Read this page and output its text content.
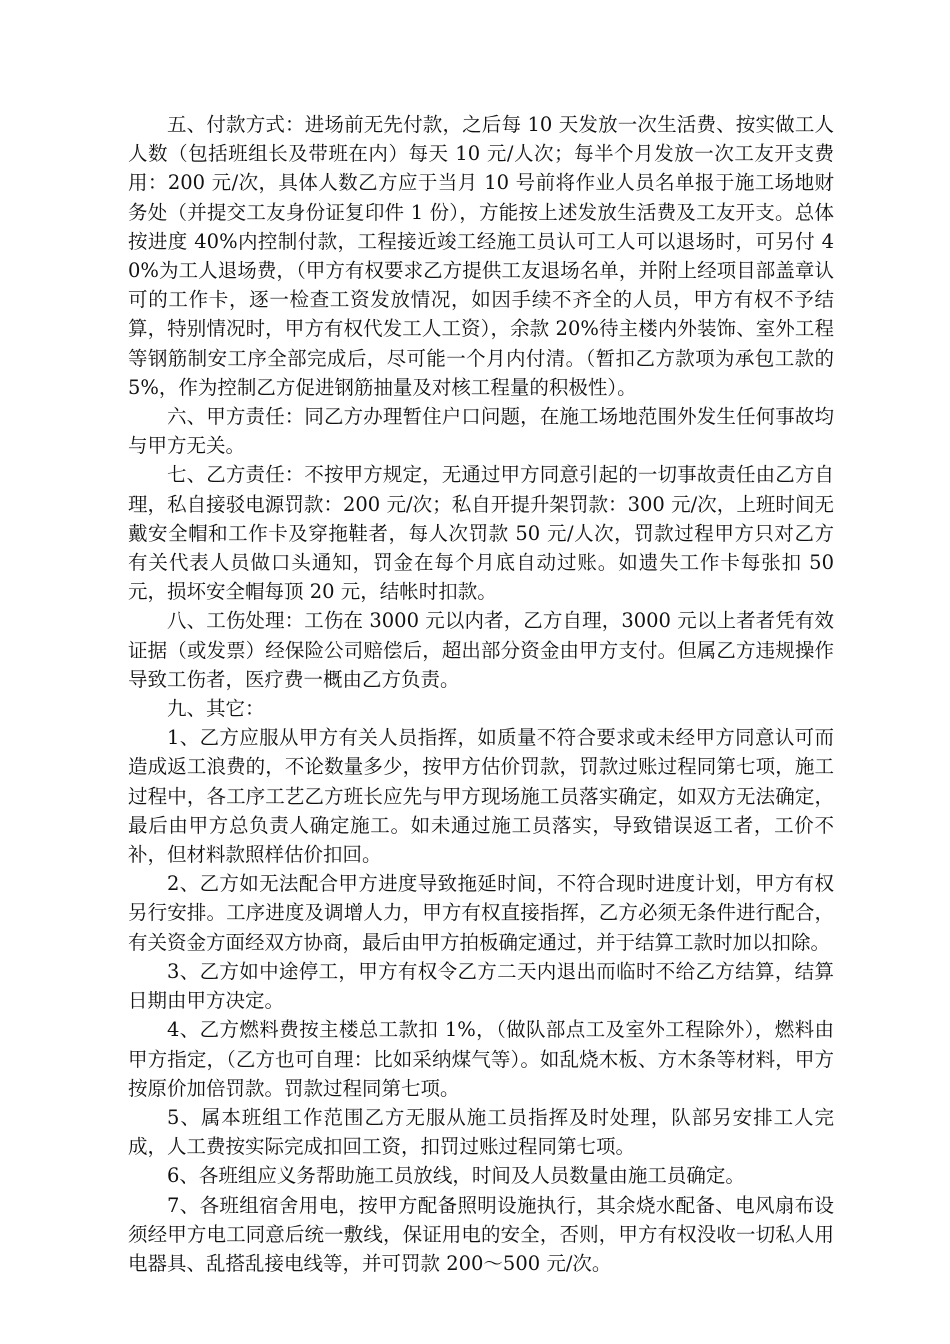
五、付款方式：进场前无先付款，之后每 10 天发放一次生活费、按实做工人人数（包括班组长及带班在内）每天 10 元/人次；每半个月发放一次工友开支费用：200 元/次，具体人数乙方应于当月 10 号前将作业人员名单报于施工场地财务处（并提交工友身份证复印件 1 份），方能按上述发放生活费及工友开支。总体按进度 40%内控制付款，工程接近竣工经施工员认可工人可以退场时，可另付 40%为工人退场费，（甲方有权要求乙方提供工友退场名单，并附上经项目部盖章认可的工作卡，逐一检查工资发放情况，如因手续不齐全的人员，甲方有权不予结算，特别情况时，甲方有权代发工人工资），余款 20%待主楼内外装饰、室外工程等钢筋制安工序全部完成后，尽可能一个月内付清。（暂扣乙方款项为承包工款的 5%，作为控制乙方促进钢筋抽量及对核工程量的积极性）。

六、甲方责任：同乙方办理暂住户口问题，在施工场地范围外发生任何事故均与甲方无关。

七、乙方责任：不按甲方规定，无通过甲方同意引起的一切事故责任由乙方自理，私自接驳电源罚款：200 元/次；私自开提升架罚款：300 元/次，上班时间无戴安全帽和工作卡及穿拖鞋者，每人次罚款 50 元/人次，罚款过程甲方只对乙方有关代表人员做口头通知，罚金在每个月底自动过账。如遗失工作卡每张扣 50 元，损坏安全帽每顶 20 元，结帐时扣款。

八、工伤处理：工伤在 3000 元以内者，乙方自理，3000 元以上者者凭有效证据（或发票）经保险公司赔偿后，超出部分资金由甲方支付。但属乙方违规操作导致工伤者，医疗费一概由乙方负责。

九、其它：

1、乙方应服从甲方有关人员指挥，如质量不符合要求或未经甲方同意认可而造成返工浪费的，不论数量多少，按甲方估价罚款，罚款过账过程同第七项，施工过程中，各工序工艺乙方班长应先与甲方现场施工员落实确定，如双方无法确定，最后由甲方总负责人确定施工。如未通过施工员落实，导致错误返工者，工价不补，但材料款照样估价扣回。

2、乙方如无法配合甲方进度导致拖延时间，不符合现时进度计划，甲方有权另行安排。工序进度及调增人力，甲方有权直接指挥，乙方必须无条件进行配合，有关资金方面经双方协商，最后由甲方拍板确定通过，并于结算工款时加以扣除。

3、乙方如中途停工，甲方有权令乙方二天内退出而临时不给乙方结算，结算日期由甲方决定。

4、乙方燃料费按主楼总工款扣 1%，（做队部点工及室外工程除外），燃料由甲方指定，（乙方也可自理：比如采纳煤气等）。如乱烧木板、方木条等材料，甲方按原价加倍罚款。罚款过程同第七项。

5、属本班组工作范围乙方无服从施工员指挥及时处理，队部另安排工人完成，人工费按实际完成扣回工资，扣罚过账过程同第七项。

6、各班组应义务帮助施工员放线，时间及人员数量由施工员确定。

7、各班组宿舍用电，按甲方配备照明设施执行，其余烧水配备、电风扇布设须经甲方电工同意后统一敷线，保证用电的安全，否则，甲方有权没收一切私人用电器具、乱搭乱接电线等，并可罚款 200～500 元/次。
